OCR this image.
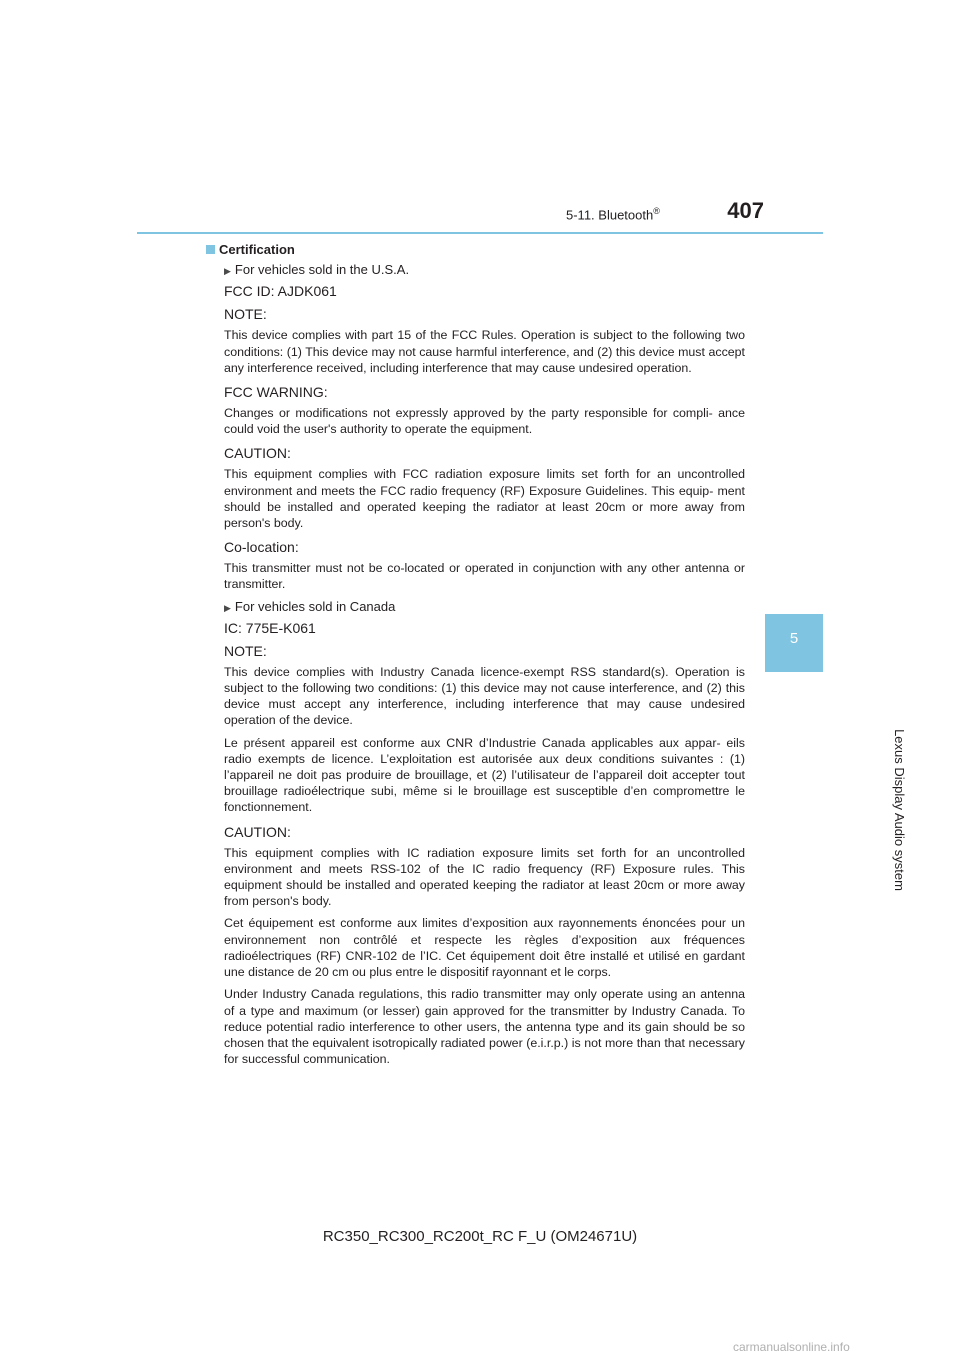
5-11. Bluetooth®	407
5
Lexus Display Audio system
Certification
▶ For vehicles sold in the U.S.A.
FCC ID: AJDK061
NOTE:

This device complies with part 15 of the FCC Rules. Operation is subject to the following two conditions: (1) This device may not cause harmful interference, and (2) this device must accept any interference received, including interference that may cause undesired operation.

FCC WARNING:

Changes or modifications not expressly approved by the party responsible for compli- ance could void the user's authority to operate the equipment.

CAUTION:

This equipment complies with FCC radiation exposure limits set forth for an uncontrolled environment and meets the FCC radio frequency (RF) Exposure Guidelines. This equip- ment should be installed and operated keeping the radiator at least 20cm or more away from person's body.

Co-location:

This transmitter must not be co-located or operated in conjunction with any other antenna or transmitter.

▶ For vehicles sold in Canada
IC: 775E-K061
NOTE:

This device complies with Industry Canada licence-exempt RSS standard(s). Operation is subject to the following two conditions: (1) this device may not cause interference, and (2) this device must accept any interference, including interference that may cause undesired operation of the device.

Le présent appareil est conforme aux CNR d’Industrie Canada applicables aux appar- eils radio exempts de licence. L’exploitation est autorisée aux deux conditions suivantes : (1) l’appareil ne doit pas produire de brouillage, et (2) l’utilisateur de l’appareil doit accepter tout brouillage radioélectrique subi, même si le brouillage est susceptible d’en compromettre le fonctionnement.

CAUTION:

This equipment complies with IC radiation exposure limits set forth for an uncontrolled environment and meets RSS-102 of the IC radio frequency (RF) Exposure rules. This equipment should be installed and operated keeping the radiator at least 20cm or more away from person's body.

Cet équipement est conforme aux limites d’exposition aux rayonnements énoncées pour un environnement non contrôlé et respecte les règles d’exposition aux fréquences radioélectriques (RF) CNR-102 de l’IC. Cet équipement doit être installé et utilisé en gardant une distance de 20 cm ou plus entre le dispositif rayonnant et le corps.

Under Industry Canada regulations, this radio transmitter may only operate using an antenna of a type and maximum (or lesser) gain approved for the transmitter by Industry Canada. To reduce potential radio interference to other users, the antenna type and its gain should be so chosen that the equivalent isotropically radiated power (e.i.r.p.) is not more than that necessary for successful communication.

RC350_RC300_RC200t_RC F_U (OM24671U)
carmanualsonline.info
